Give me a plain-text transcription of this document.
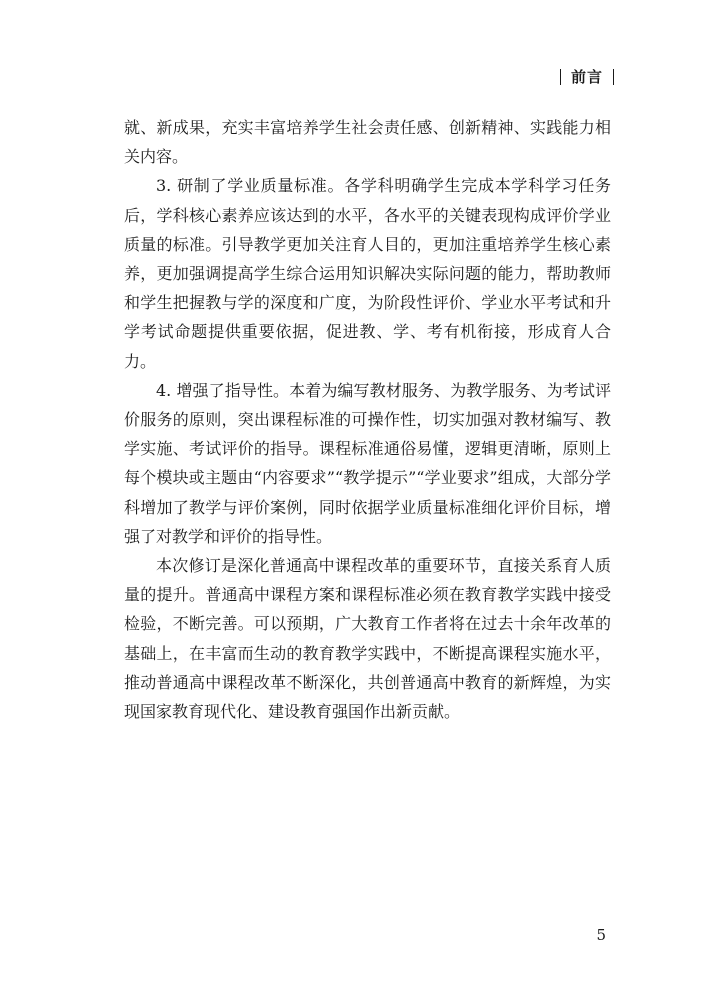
前言

就、新成果，充实丰富培养学生社会责任感、创新精神、实践能力相关内容。

3. 研制了学业质量标准。各学科明确学生完成本学科学习任务后，学科核心素养应该达到的水平，各水平的关键表现构成评价学业质量的标准。引导教学更加关注育人目的，更加注重培养学生核心素养，更加强调提高学生综合运用知识解决实际问题的能力，帮助教师和学生把握教与学的深度和广度，为阶段性评价、学业水平考试和升学考试命题提供重要依据，促进教、学、考有机衔接，形成育人合力。

4. 增强了指导性。本着为编写教材服务、为教学服务、为考试评价服务的原则，突出课程标准的可操作性，切实加强对教材编写、教学实施、考试评价的指导。课程标准通俗易懂，逻辑更清晰，原则上每个模块或主题由“内容要求”“教学提示”“学业要求”组成，大部分学科增加了教学与评价案例，同时依据学业质量标准细化评价目标，增强了对教学和评价的指导性。

本次修订是深化普通高中课程改革的重要环节，直接关系育人质量的提升。普通高中课程方案和课程标准必须在教育教学实践中接受检验，不断完善。可以预期，广大教育工作者将在过去十余年改革的基础上，在丰富而生动的教育教学实践中，不断提高课程实施水平，推动普通高中课程改革不断深化，共创普通高中教育的新辉煌，为实现国家教育现代化、建设教育强国作出新贡献。

5
